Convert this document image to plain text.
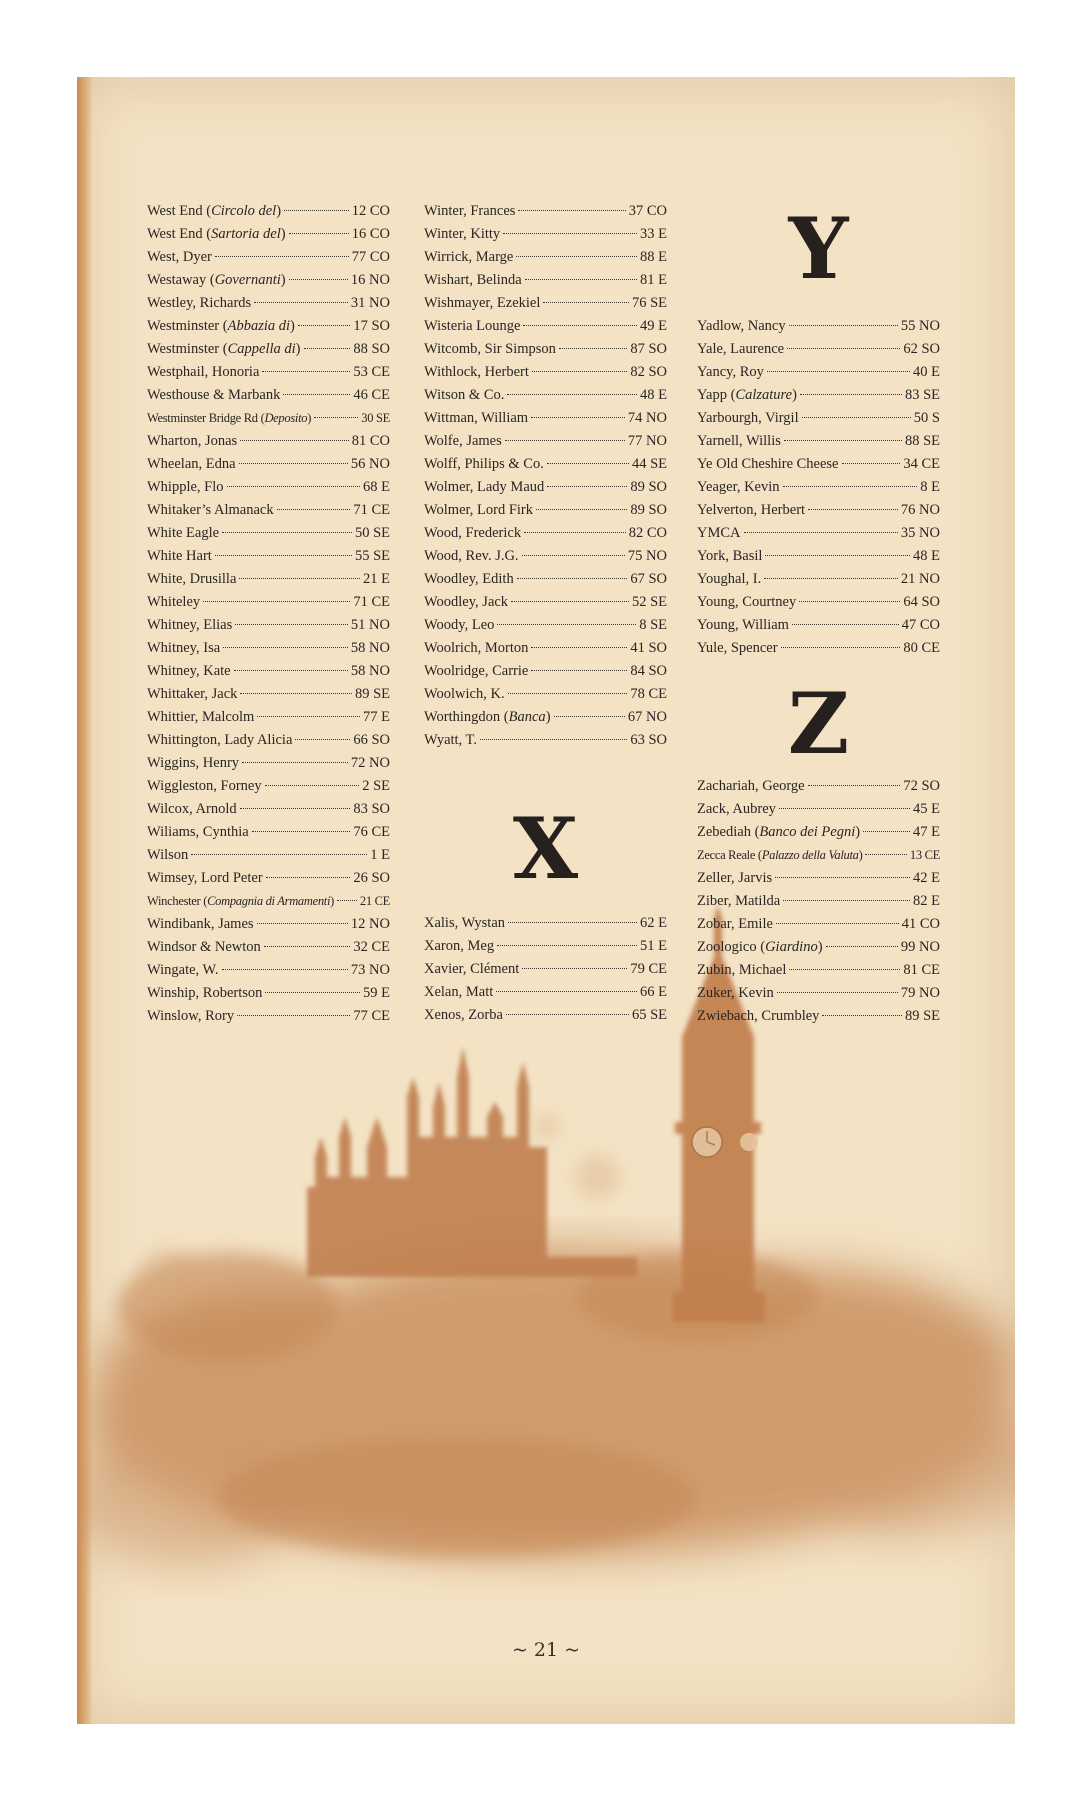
Y
X
Z
West End (Circolo del)	12 CO
West End (Sartoria del)	16 CO
West, Dyer	77 CO
Westaway (Governanti)	16 NO
Westley, Richards	31 NO
Westminster (Abbazia di)	17 SO
Westminster (Cappella di)	88 SO
Westphail, Honoria	53 CE
Westhouse & Marbank	46 CE
Westminster Bridge Rd (Deposito)	30 SE
Wharton, Jonas	81 CO
Wheelan, Edna	56 NO
Whipple, Flo	68 E
Whitaker’s Almanack	71 CE
White Eagle	50 SE
White Hart	55 SE
White, Drusilla	21 E
Whiteley	71 CE
Whitney, Elias	51 NO
Whitney, Isa	58 NO
Whitney, Kate	58 NO
Whittaker, Jack	89 SE
Whittier, Malcolm	77 E
Whittington, Lady Alicia	66 SO
Wiggins, Henry	72 NO
Wiggleston, Forney	2 SE
Wilcox, Arnold	83 SO
Wiliams, Cynthia	76 CE
Wilson	1 E
Wimsey, Lord Peter	26 SO
Winchester (Compagnia di Armamenti) 21 CE
Windibank, James	12 NO
Windsor & Newton	32 CE
Wingate, W.	73 NO
Winship, Robertson	59 E
Winslow, Rory	77 CE
Winter, Frances	37 CO
Winter, Kitty	33 E
Wirrick, Marge	88 E
Wishart, Belinda	81 E
Wishmayer, Ezekiel	76 SE
Wisteria Lounge	49 E
Witcomb, Sir Simpson	87 SO
Withlock, Herbert	82 SO
Witson & Co.	48 E
Wittman, William	74 NO
Wolfe, James	77 NO
Wolff, Philips & Co.	44 SE
Wolmer, Lady Maud	89 SO
Wolmer, Lord Firk	89 SO
Wood, Frederick	82 CO
Wood, Rev. J.G.	75 NO
Woodley, Edith	67 SO
Woodley, Jack	52 SE
Woody, Leo	8 SE
Woolrich, Morton	41 SO
Woolridge, Carrie	84 SO
Woolwich, K.	78 CE
Worthingdon (Banca)	67 NO
Wyatt, T.	63 SO
Xalis, Wystan	62 E
Xaron, Meg	51 E
Xavier, Clément	79 CE
Xelan, Matt	66 E
Xenos, Zorba	65 SE
Yadlow, Nancy	55 NO
Yale, Laurence	62 SO
Yancy, Roy	40 E
Yapp (Calzature)	83 SE
Yarbourgh, Virgil	50 S
Yarnell, Willis	88 SE
Ye Old Cheshire Cheese	34 CE
Yeager, Kevin	8 E
Yelverton, Herbert	76 NO
YMCA	35 NO
York, Basil	48 E
Youghal, I.	21 NO
Young, Courtney	64 SO
Young, William	47 CO
Yule, Spencer	80 CE
Zachariah, George	72 SO
Zack, Aubrey	45 E
Zebediah (Banco dei Pegni)	47 E
Zecca Reale (Palazzo della Valuta)	13 CE
Zeller, Jarvis	42 E
Ziber, Matilda	82 E
Zobar, Emile	41 CO
Zoologico (Giardino)	99 NO
Zubin, Michael	81 CE
Zuker, Kevin	79 NO
Zwiebach, Crumbley	89 SE
~ 21 ~
